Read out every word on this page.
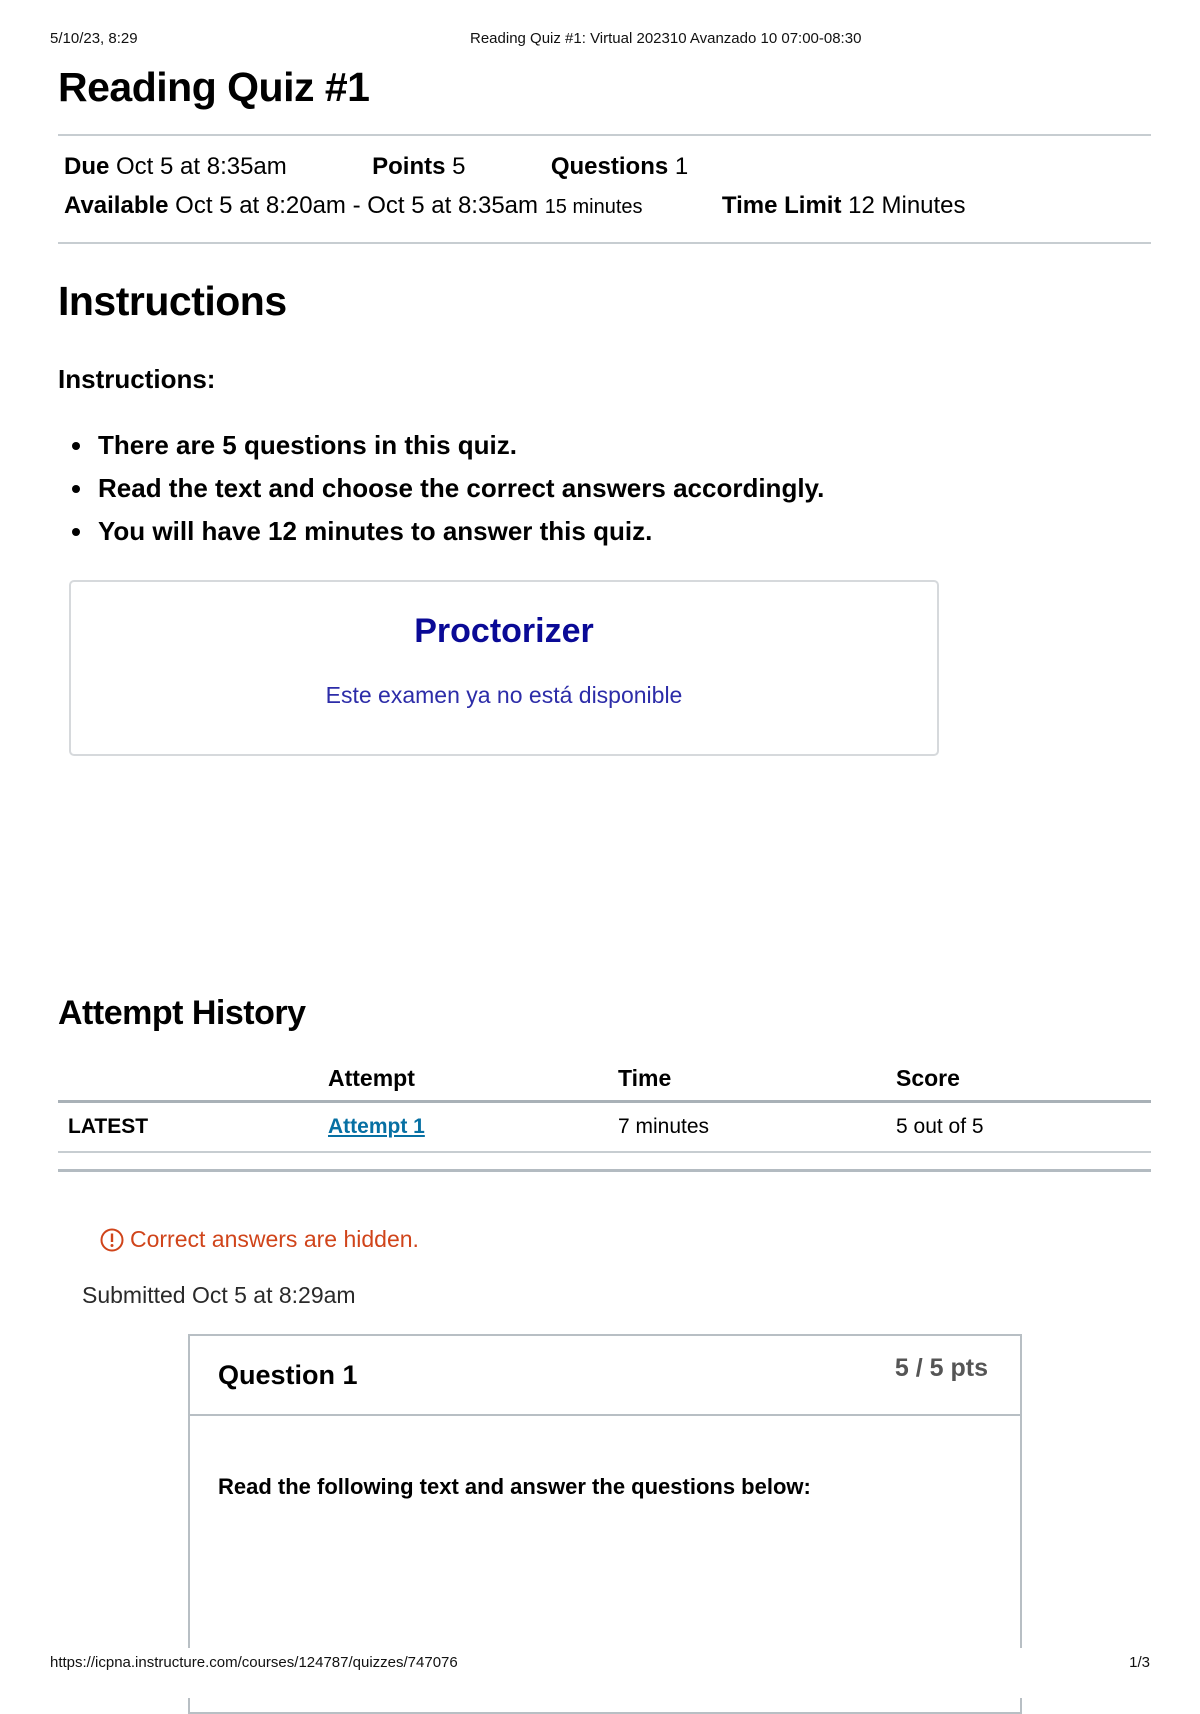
5/10/23, 8:29	Reading Quiz #1: Virtual 202310 Avanzado 10 07:00-08:30
Reading Quiz #1
Due Oct 5 at 8:35am	Points 5	Questions 1
Available Oct 5 at 8:20am - Oct 5 at 8:35am 15 minutes	Time Limit 12 Minutes
Instructions
Instructions:
There are 5 questions in this quiz.
Read the text and choose the correct answers accordingly.
You will have 12 minutes to answer this quiz.
Proctorizer
Este examen ya no está disponible
Attempt History
	Attempt	Time	Score
LATEST	Attempt 1	7 minutes	5 out of 5
Correct answers are hidden.
Submitted Oct 5 at 8:29am
Question 1	5 / 5 pts
Read the following text and answer the questions below:
https://icpna.instructure.com/courses/124787/quizzes/747076	1/3
